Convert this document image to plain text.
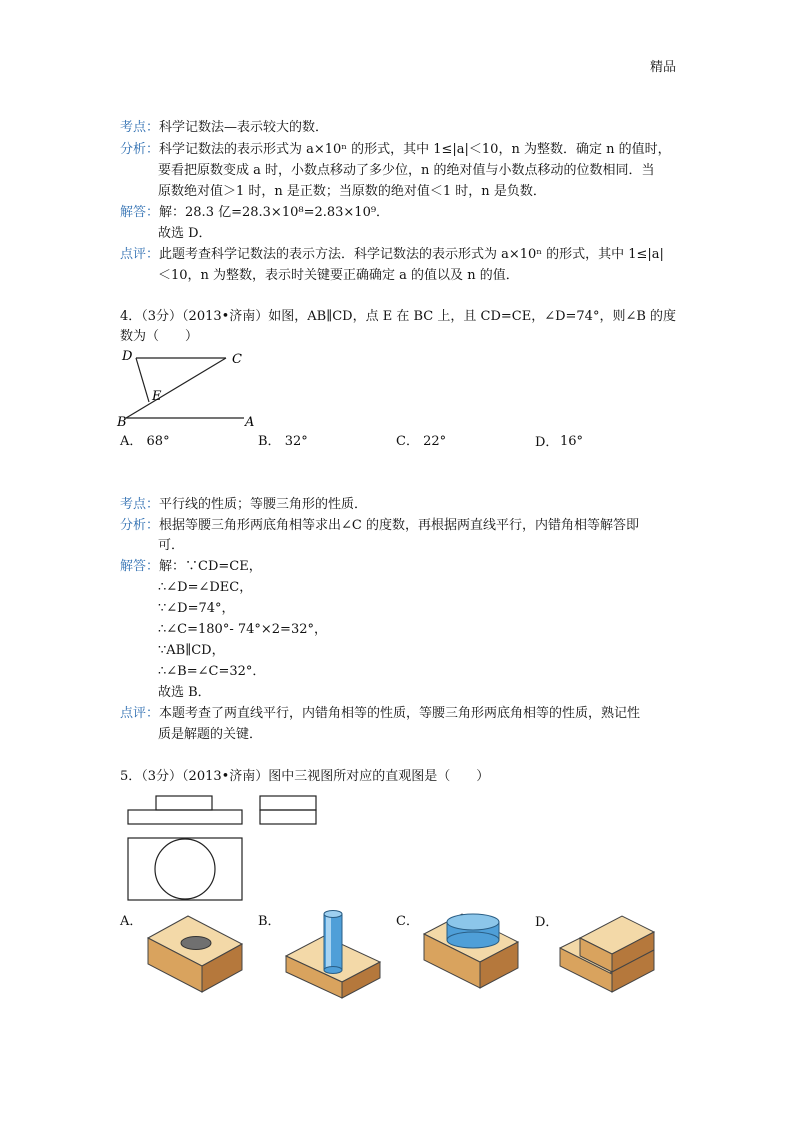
精品
考点：科学记数法—表示较大的数．
分析：科学记数法的表示形式为 a×10ⁿ 的形式，其中 1≤|a|＜10，n 为整数．确定 n 的值时，
要看把原数变成 a 时，小数点移动了多少位，n 的绝对值与小数点移动的位数相同．当
原数绝对值＞1 时，n 是正数；当原数的绝对值＜1 时，n 是负数．
解答：解：28.3 亿=28.3×10⁸=2.83×10⁹．
故选 D．
点评：此题考查科学记数法的表示方法．科学记数法的表示形式为 a×10ⁿ 的形式，其中 1≤|a|
＜10，n 为整数，表示时关键要正确确定 a 的值以及 n 的值．
4．（3分）（2013•济南）如图，AB∥CD，点 E 在 BC 上，且 CD=CE，∠D=74°，则∠B 的度
数为（　　）
D	C
E
B	A
A． 68°	B． 32°	C． 22°	D． 16°
考点：平行线的性质；等腰三角形的性质．
分析：根据等腰三角形两底角相等求出∠C 的度数，再根据两直线平行，内错角相等解答即
可．
解答：解：∵CD=CE，
∴∠D=∠DEC，
∵∠D=74°，
∴∠C=180°- 74°×2=32°，
∵AB∥CD，
∴∠B=∠C=32°．
故选 B．
点评：本题考查了两直线平行，内错角相等的性质，等腰三角形两底角相等的性质，熟记性
质是解题的关键．
5．（3分）（2013•济南）图中三视图所对应的直观图是（　　）
A．	B．	C．	D．
